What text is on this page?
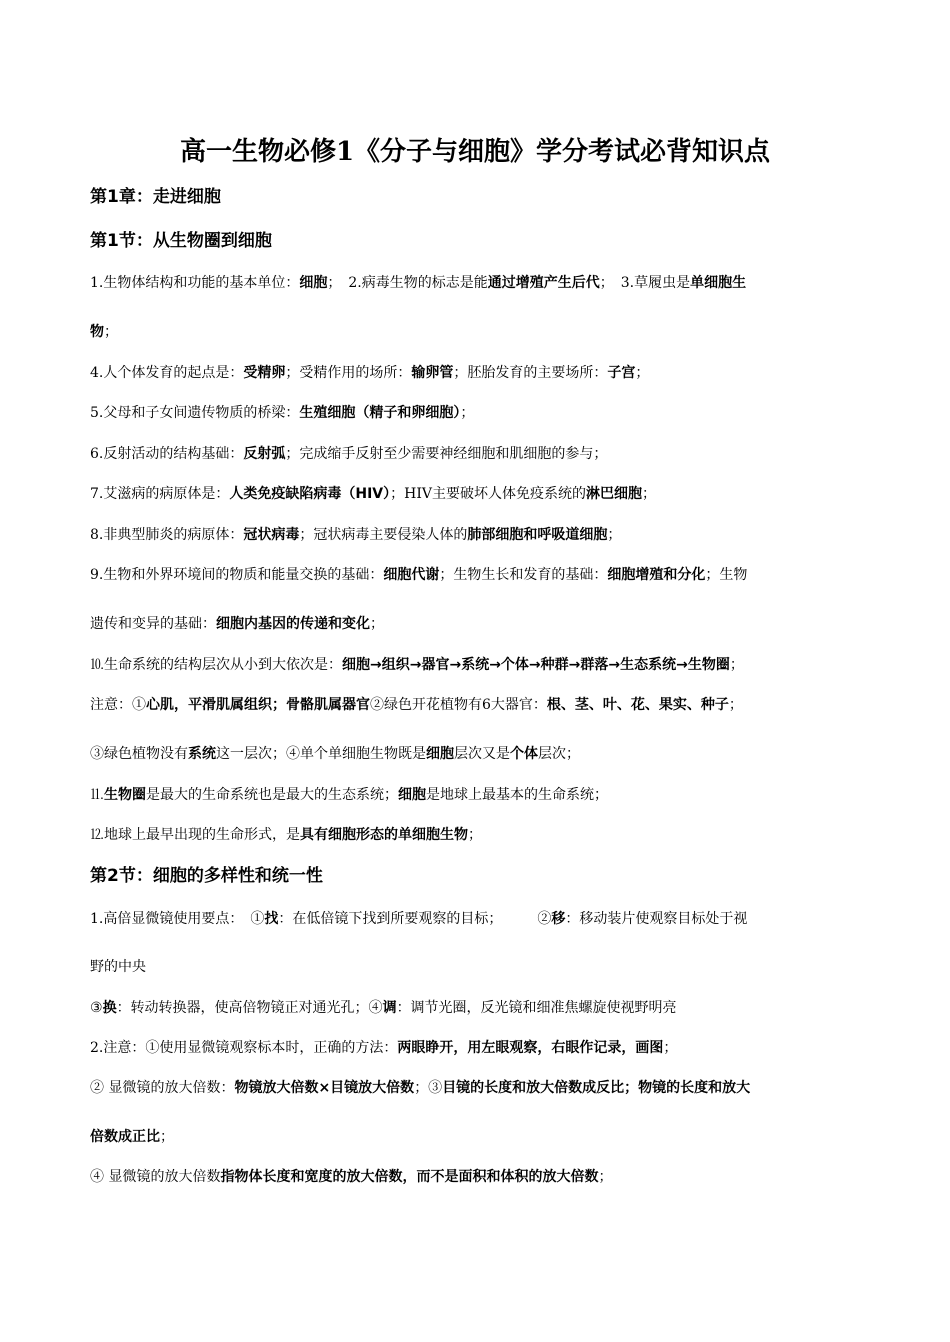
高一生物必修1《分子与细胞》学分考试必背知识点
第1章：走进细胞
第1节：从生物圈到细胞
1.生物体结构和功能的基本单位：细胞；　2.病毒生物的标志是能通过增殖产生后代；　3.草履虫是单细胞生
物；
4.人个体发育的起点是：受精卵；受精作用的场所：输卵管；胚胎发育的主要场所：子宫；
5.父母和子女间遗传物质的桥梁：生殖细胞（精子和卵细胞）；
6.反射活动的结构基础：反射弧；完成缩手反射至少需要神经细胞和肌细胞的参与；
7.艾滋病的病原体是：人类免疫缺陷病毒（HIV）；HIV主要破坏人体免疫系统的淋巴细胞；
8.非典型肺炎的病原体：冠状病毒；冠状病毒主要侵染人体的肺部细胞和呼吸道细胞；
9.生物和外界环境间的物质和能量交换的基础：细胞代谢；生物生长和发育的基础：细胞增殖和分化；生物
遗传和变异的基础：细胞内基因的传递和变化；
⒑生命系统的结构层次从小到大依次是：细胞→组织→器官→系统→个体→种群→群落→生态系统→生物圈；
注意：①心肌，平滑肌属组织；骨骼肌属器官②绿色开花植物有6大器官：根、茎、叶、花、果实、种子；
③绿色植物没有系统这一层次；④单个单细胞生物既是细胞层次又是个体层次；
⒒生物圈是最大的生命系统也是最大的生态系统；细胞是地球上最基本的生命系统；
⒓地球上最早出现的生命形式，是具有细胞形态的单细胞生物；
第2节：细胞的多样性和统一性
1.高倍显微镜使用要点：　①找：在低倍镜下找到所要观察的目标；　　　②移：移动装片使观察目标处于视
野的中央
③换：转动转换器，使高倍物镜正对通光孔；④调：调节光圈，反光镜和细准焦螺旋使视野明亮
2.注意：①使用显微镜观察标本时，正确的方法：两眼睁开，用左眼观察，右眼作记录，画图；
② 显微镜的放大倍数：物镜放大倍数×目镜放大倍数；③目镜的长度和放大倍数成反比；物镜的长度和放大
倍数成正比；
④ 显微镜的放大倍数指物体长度和宽度的放大倍数，而不是面积和体积的放大倍数；
